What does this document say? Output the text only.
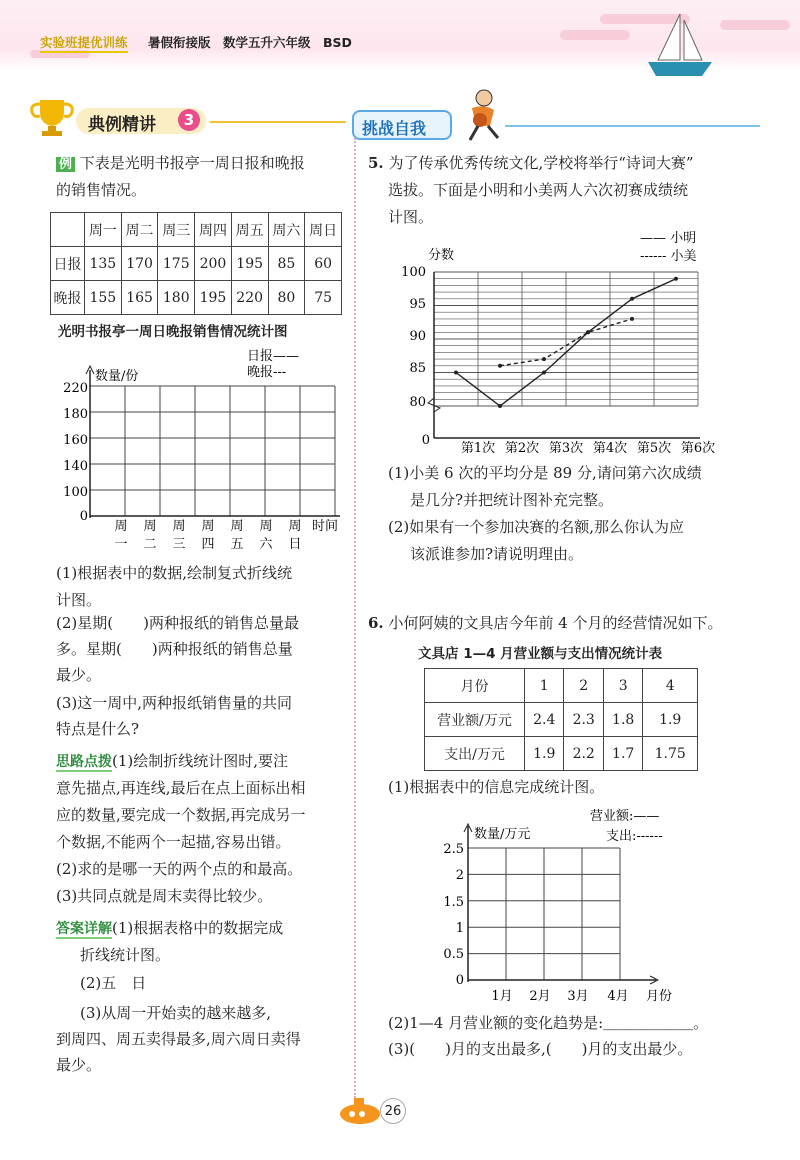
实验班提优训练 暑假衔接版　数学五升六年级　BSD
典例精讲	3	挑战自我
例 下表是光明书报亭一周日报和晚报
的销售情况。
	周一	周二	周三	周四	周五	周六	周日
日报	135	170	175	200	195	85	60
晚报	155	165	180	195	220	80	75
光明书报亭一周日晚报销售情况统计图
日报——
晚报---
数量/份
0
220
180
160
140
100
周
一
周
二
周
三
周
四
周
五
周
六
周
日
时间
(1)根据表中的数据,绘制复式折线统
计图。
(2)星期(　　)两种报纸的销售总量最
多。星期(　　)两种报纸的销售总量
最少。
(3)这一周中,两种报纸销售量的共同
特点是什么?
思路点拨(1)绘制折线统计图时,要注
意先描点,再连线,最后在点上面标出相
应的数量,要完成一个数据,再完成另一
个数据,不能两个一起描,容易出错。
(2)求的是哪一天的两个点的和最高。
(3)共同点就是周末卖得比较少。
答案详解(1)根据表格中的数据完成
折线统计图。
(2)五　日
(3)从周一开始卖的越来越多,
到周四、周五卖得最多,周六周日卖得
最少。
5. 为了传承优秀传统文化,学校将举行“诗词大赛”
选拔。下面是小明和小美两人六次初赛成绩统
计图。
—— 小明
------ 小美
分数
100
95
90
85
80
0
第1次 第2次 第3次 第4次 第5次 第6次
(1)小美 6 次的平均分是 89 分,请问第六次成绩
是几分?并把统计图补充完整。
(2)如果有一个参加决赛的名额,那么你认为应
该派谁参加?请说明理由。
6. 小何阿姨的文具店今年前 4 个月的经营情况如下。
文具店 1—4 月营业额与支出情况统计表
月份	1	2	3	4
营业额/万元	2.4	2.3	1.8	1.9
支出/万元	1.9	2.2	1.7	1.75
(1)根据表中的信息完成统计图。
营业额:——
支出:------
数量/万元
2.5
2
1.5
1
0.5
0
1月 2月 3月 4月 月份
(2)1—4 月营业额的变化趋势是:＿＿＿＿＿＿。
(3)(　　)月的支出最多,(　　)月的支出最少。
26
